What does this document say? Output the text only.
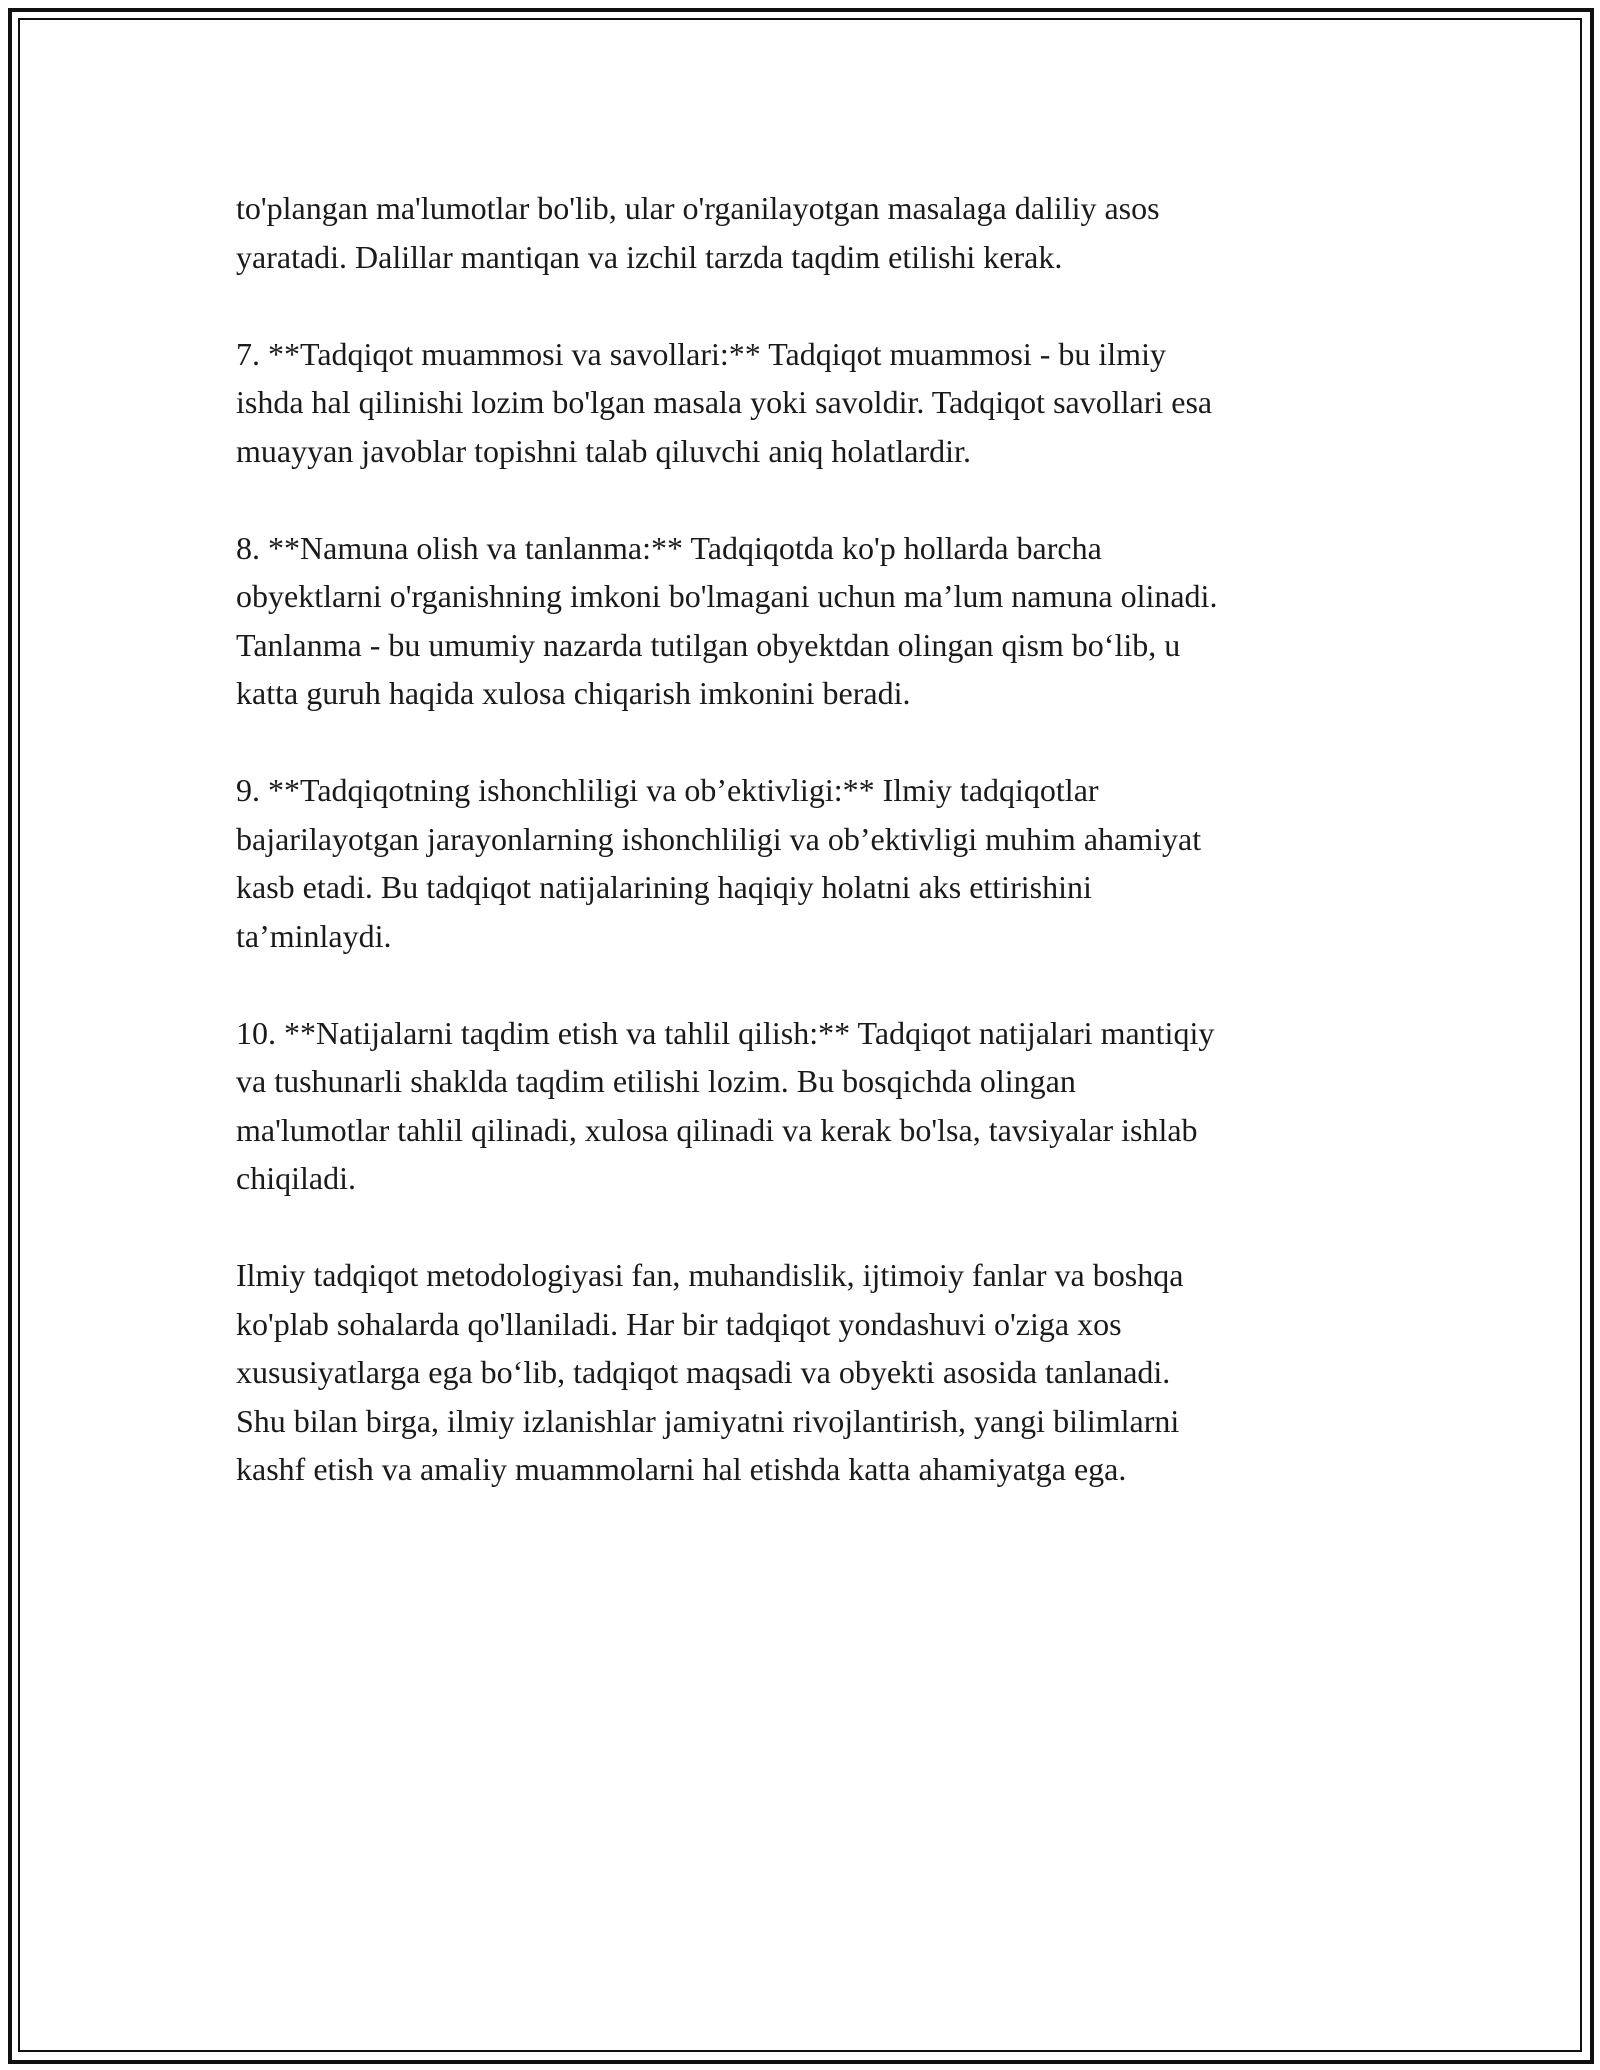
to'plangan ma'lumotlar bo'lib, ular o'rganilayotgan masalaga daliliy asos
yaratadi. Dalillar mantiqan va izchil tarzda taqdim etilishi kerak.

7. **Tadqiqot muammosi va savollari:** Tadqiqot muammosi - bu ilmiy
ishda hal qilinishi lozim bo'lgan masala yoki savoldir. Tadqiqot savollari esa
muayyan javoblar topishni talab qiluvchi aniq holatlardir.

8. **Namuna olish va tanlanma:** Tadqiqotda ko'p hollarda barcha
obyektlarni o'rganishning imkoni bo'lmagani uchun ma’lum namuna olinadi.
Tanlanma - bu umumiy nazarda tutilgan obyektdan olingan qism bo‘lib, u
katta guruh haqida xulosa chiqarish imkonini beradi.

9. **Tadqiqotning ishonchliligi va ob’ektivligi:** Ilmiy tadqiqotlar
bajarilayotgan jarayonlarning ishonchliligi va ob’ektivligi muhim ahamiyat
kasb etadi. Bu tadqiqot natijalarining haqiqiy holatni aks ettirishini
ta’minlaydi.

10. **Natijalarni taqdim etish va tahlil qilish:** Tadqiqot natijalari mantiqiy
va tushunarli shaklda taqdim etilishi lozim. Bu bosqichda olingan
ma'lumotlar tahlil qilinadi, xulosa qilinadi va kerak bo'lsa, tavsiyalar ishlab
chiqiladi.

Ilmiy tadqiqot metodologiyasi fan, muhandislik, ijtimoiy fanlar va boshqa
ko'plab sohalarda qo'llaniladi. Har bir tadqiqot yondashuvi o'ziga xos
xususiyatlarga ega bo‘lib, tadqiqot maqsadi va obyekti asosida tanlanadi.
Shu bilan birga, ilmiy izlanishlar jamiyatni rivojlantirish, yangi bilimlarni
kashf etish va amaliy muammolarni hal etishda katta ahamiyatga ega.
